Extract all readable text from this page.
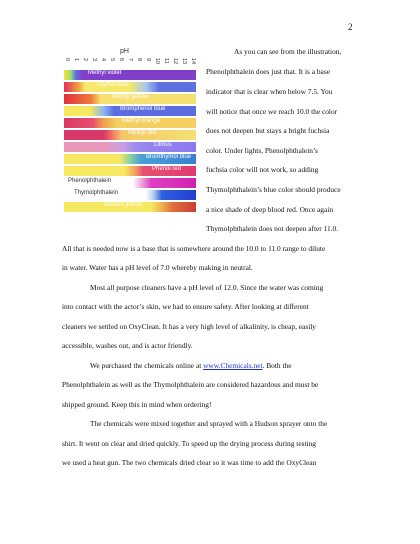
2
pH
0 1 2 3 4 5 6 7 8 9 10 11 12 13 14
Methyl violet
Thymol blue
Methyl yellow
Bromphenol blue
Methyl orange
Methyl red
Litmus
Bromthymol blue
Phenol red
Phenolphthalein
Thymolphthalein
Alizarin yellow
As you can see from the illustration,
Phenolphthalein does just that. It is a base
indicator that is clear when below 7.5. You
will notice that once we reach 10.0 the color
does not deepen but stays a bright fuchsia
color. Under lights, Phenolphthalein’s
fuchsia color will not work, so adding
Thymolphthalein’s blue color should produce
a nice shade of deep blood red. Once again
Thymolphthalein does not deepen after 11.0.
All that is needed now is a base that is somewhere around the 10.0 to 11.0 range to dilute
in water. Water has a pH level of 7.0 whereby making in neutral.
Most all purpose cleaners have a pH level of 12.0. Since the water was coming
into contact with the actor’s skin, we had to ensure safety. After looking at different
cleaners we settled on OxyClean. It has a very high level of alkalinity, is cheap, easily
accessible, washes out, and is actor friendly.
We purchased the chemicals online at www.Chemicals.net. Both the
Phenolphthalein as well as the Thymolphthalein are considered hazardous and must be
shipped ground. Keep this in mind when ordering!
The chemicals were mixed together and sprayed with a Hudson sprayer onto the
shirt. It went on clear and dried quickly. To speed up the drying process during testing
we used a heat gun. The two chemicals dried clear so it was time to add the OxyClean
